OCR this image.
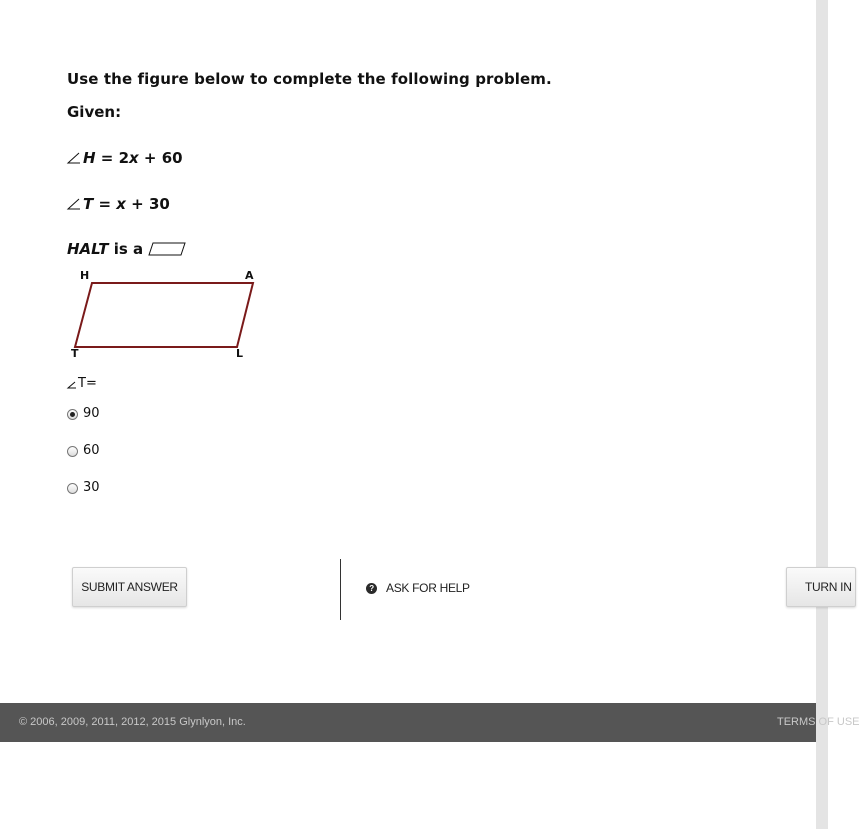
Use the figure below to complete the following problem.
Given:
H = 2 x + 60
T = x + 30
HALT is a
H	A
T	L
T=
90
60
30
SUBMIT ANSWER	? ASK FOR HELP	TURN IN
© 2006, 2009, 2011, 2012, 2015 Glynlyon, Inc.	TERMS OF USE
